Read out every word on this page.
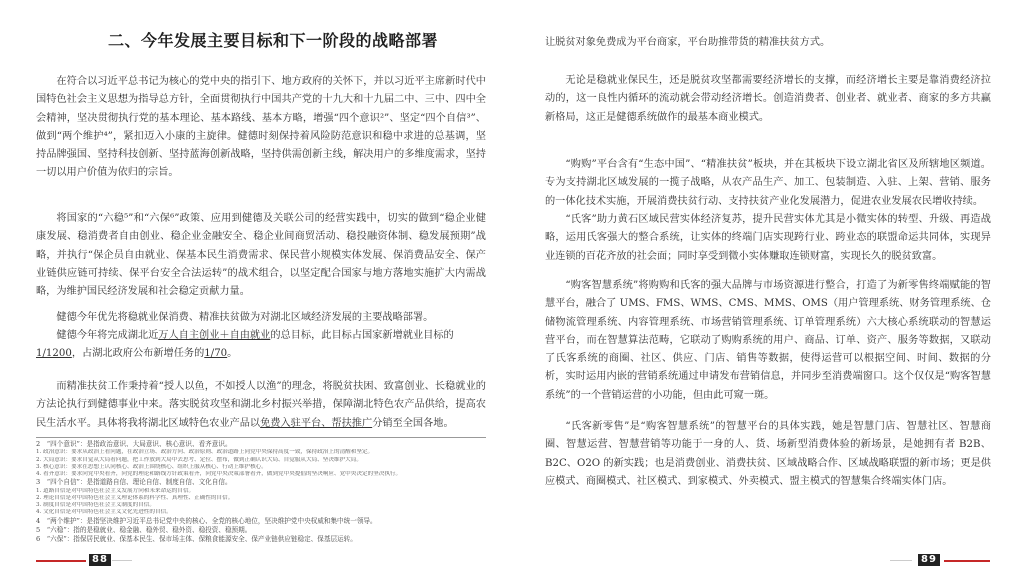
二、今年发展主要目标和下一阶段的战略部署

在符合以习近平总书记为核心的党中央的指引下、地方政府的关怀下，并以习近平主席新时代中国特色社会主义思想为指导总方针，全面贯彻执行中国共产党的十九大和十九届二中、三中、四中全会精神，坚决贯彻执行党的基本理论、基本路线、基本方略，增强“四个意识²”、坚定“四个自信³”、做到“两个维护⁴”，紧扣迈入小康的主旋律。健德时刻保持着风险防范意识和稳中求进的总基调，坚持品牌强国、坚持科技创新、坚持蓝海创新战略，坚持供需创新主线，解决用户的多维度需求，坚持一切以用户价值为依归的宗旨。

将国家的“六稳⁵”和“六保⁶”政策、应用到健德及关联公司的经营实践中，切实的做到“稳企业健康发展、稳消费者自由创业、稳企业金融安全、稳企业间商贸活动、稳投融资体制、稳发展预期”战略，并执行“保企员自由就业、保基本民生消费需求、保民营小规模实体发展、保消费品安全、保产业链供应链可持续、保平台安全合法运转”的战术组合，以坚定配合国家与地方落地实施扩大内需战略，为维护国民经济发展和社会稳定贡献力量。

健德今年优先将稳就业保消费、精准扶贫做为对湖北区域经济发展的主要战略部署。

健德今年将完成湖北近万人自主创业＋自由就业的总目标，此目标占国家新增就业目标的
1/1200，占湖北政府公布新增任务的1/70。

而精准扶贫工作秉持着“授人以鱼，不如授人以渔”的理念，将脱贫扶困、致富创业、长稳就业的方法论执行到健德事业中来。落实脱贫攻坚和湖北乡村振兴举措，保障湖北特色农产品供给，提高农民生活水平。具体将我将湖北区域特色农业产品以免费入驻平台、帮扶推广分销至全国各地。

2　“四个意识”：是指政治意识、大局意识、核心意识、看齐意识。

1. 政治意识：要求从政治上看问题，在政治立场、政治方向、政治原则、政治道路上同党中央保持高度一致，保持政治上的清醒和坚定。

2. 大局意识：要求自觉从大局看问题，把工作放到大局中去思考、定位、摆布，做到正确认识大局、自觉服从大局、坚决维护大局。

3. 核心意识：要求在思想上认同核心、政治上围绕核心、组织上服从核心、行动上维护核心。

4. 看齐意识：要求向党中央看齐，向党的理论和路线方针政策看齐，向党中央决策部署看齐，做到党中央提倡的坚决响应、党中央决定的坚决执行。

3　“四个自信”：是指道路自信、理论自信、制度自信、文化自信。

1. 道路自信是对中国特色社会主义发展方向和未来命运的自信。

2. 理论自信是对中国特色社会主义理论体系的科学性、真理性、正确性的自信。

3. 制度自信是对中国特色社会主义制度的自信。

4. 文化自信是对中国特色社会主义文化先进性的自信。

4　“两个维护”：是指坚决维护习近平总书记党中央的核心、全党的核心地位，坚决维护党中央权威和集中统一领导。

5　“六稳”：指的是稳就业、稳金融、稳外贸、稳外资、稳投资、稳预期。

6　“六保”：指保居民就业、保基本民生、保市场主体、保粮食能源安全、保产业链供应链稳定、保基层运转。

88

让脱贫对象免费成为平台商家，平台助推带货的精准扶贫方式。

无论是稳就业保民生，还是脱贫攻坚都需要经济增长的支撑，而经济增长主要是靠消费经济拉动的，这一良性内循环的流动就会带动经济增长。创造消费者、创业者、就业者、商家的多方共赢新格局，这正是健德系统做作的最基本商业模式。

“购购”平台含有“生态中国”、“精准扶贫”板块，并在其板块下设立湖北省区及所辖地区频道。专为支持湖北区域发展的一揽子战略，从农产品生产、加工、包装制造、入驻、上架、营销、服务的一体化技术实施，开展消费扶贫行动、支持扶贫产业化发展潜力，促进农业发展农民增收持续。

“氏客”助力黄石区域民营实体经济复苏，提升民营实体尤其是小微实体的转型、升级、再造战略，运用氏客强大的整合系统，让实体的终端门店实现跨行业、跨业态的联盟命运共同体，实现异业连锁的百花齐放的社会面；同时享受到微小实体赚取连锁财富，实现长久的脱贫致富。

“购客智慧系统”将购购和氏客的强大品牌与市场资源进行整合，打造了为新零售终端赋能的智慧平台，融合了 UMS、FMS、WMS、CMS、MMS、OMS（用户管理系统、财务管理系统、仓储物流管理系统、内容管理系统、市场营销管理系统、订单管理系统）六大核心系统联动的智慧运营平台，而在智慧算法范畴，它联动了购购系统的用户、商品、订单、资产、服务等数据，又联动了氏客系统的商圈、社区、供应、门店、销售等数据，使得运营可以根据空间、时间、数据的分析，实时运用内嵌的营销系统通过申请发布营销信息，并同步至消费端窗口。这个仅仅是“购客智慧系统”的一个营销运营的小功能，但由此可窥一斑。

“氏客新零售”是“购客智慧系统”的智慧平台的具体实践，她是智慧门店、智慧社区、智慧商圈、智慧运营、智慧营销等功能于一身的人、货、场新型消费体验的新场景，是她拥有者 B2B、B2C、O2O 的新实践；也是消费创业、消费扶贫、区域战略合作、区域战略联盟的新市场；更是供应模式、商圈模式、社区模式、到家模式、外卖模式、盟主模式的智慧集合终端实体门店。

89
